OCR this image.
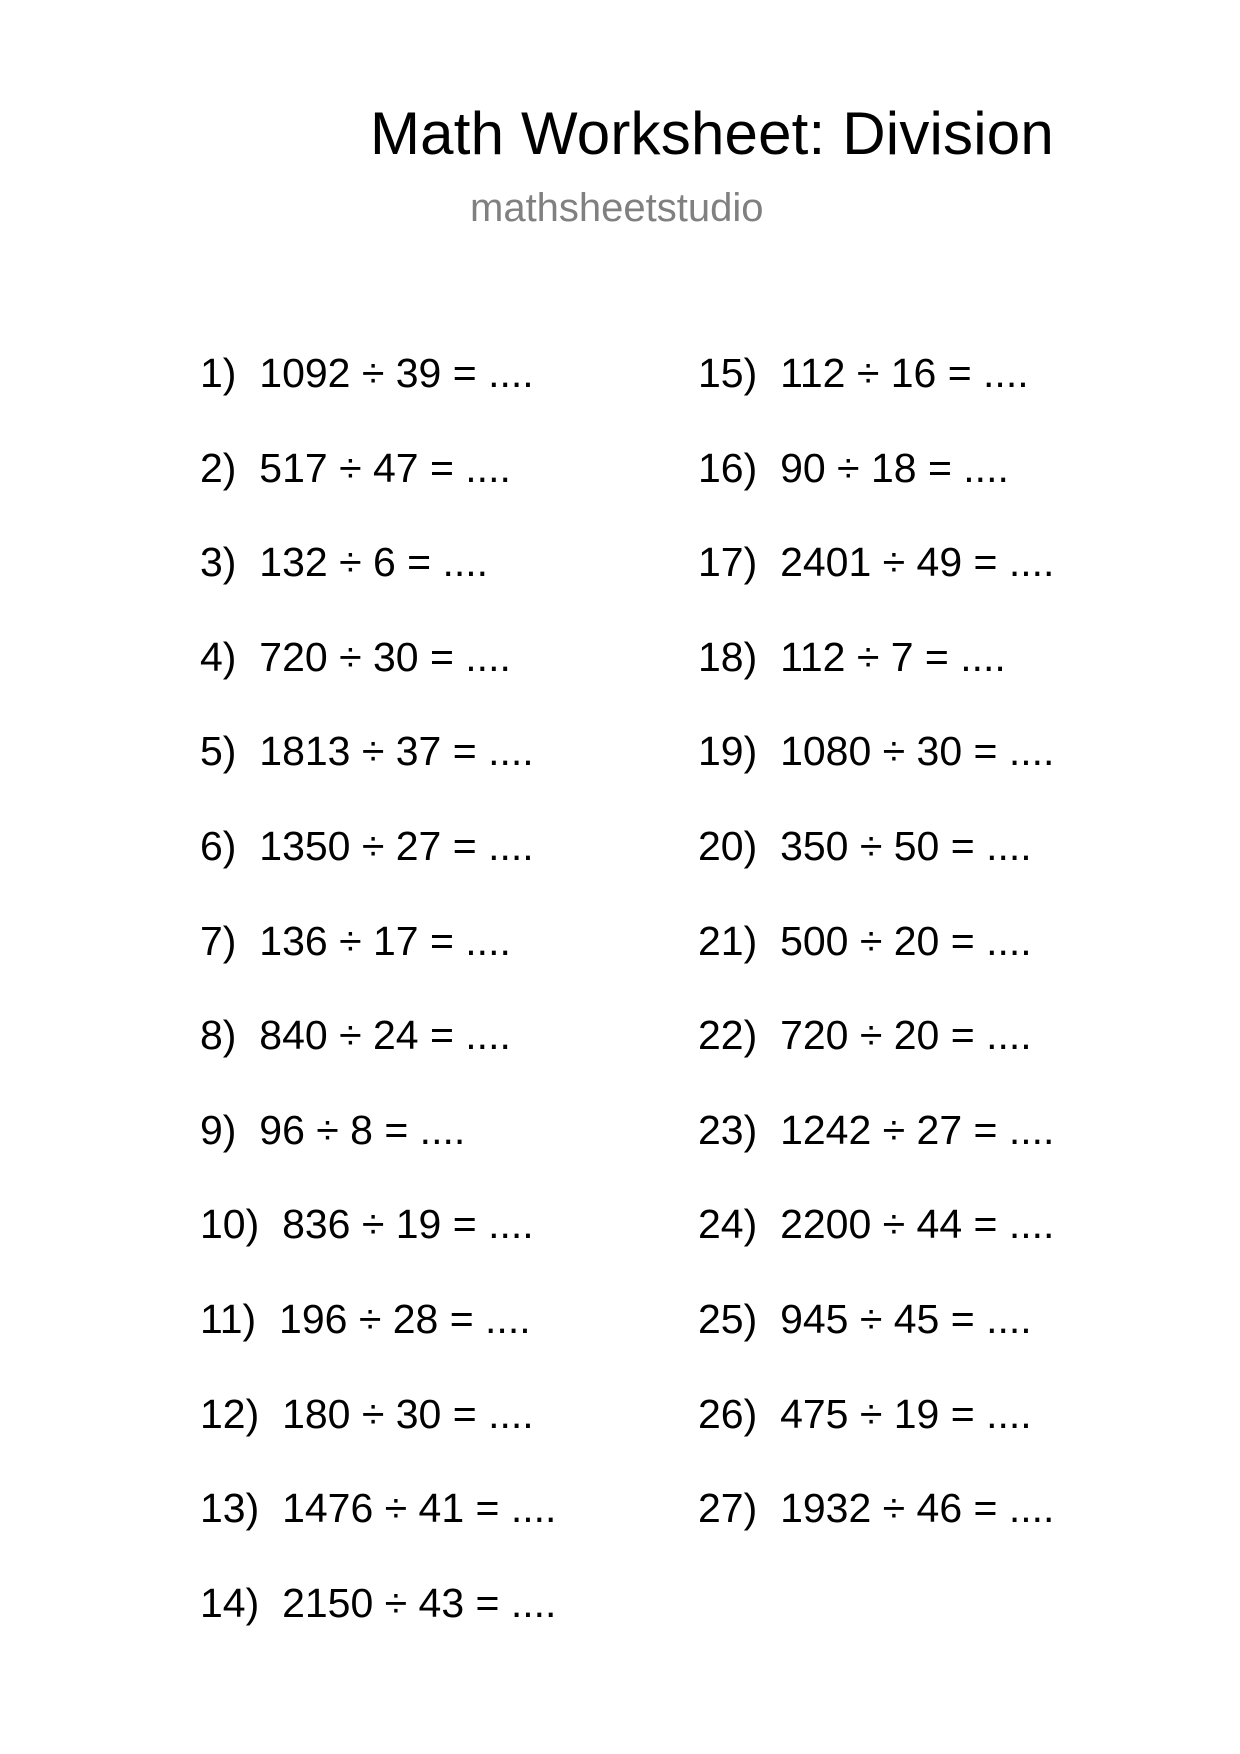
Math Worksheet: Division
mathsheetstudio
1) 1092 ÷ 39 = ....
2) 517 ÷ 47 = ....
3) 132 ÷ 6 = ....
4) 720 ÷ 30 = ....
5) 1813 ÷ 37 = ....
6) 1350 ÷ 27 = ....
7) 136 ÷ 17 = ....
8) 840 ÷ 24 = ....
9) 96 ÷ 8 = ....
10) 836 ÷ 19 = ....
11) 196 ÷ 28 = ....
12) 180 ÷ 30 = ....
13) 1476 ÷ 41 = ....
14) 2150 ÷ 43 = ....
15) 112 ÷ 16 = ....
16) 90 ÷ 18 = ....
17) 2401 ÷ 49 = ....
18) 112 ÷ 7 = ....
19) 1080 ÷ 30 = ....
20) 350 ÷ 50 = ....
21) 500 ÷ 20 = ....
22) 720 ÷ 20 = ....
23) 1242 ÷ 27 = ....
24) 2200 ÷ 44 = ....
25) 945 ÷ 45 = ....
26) 475 ÷ 19 = ....
27) 1932 ÷ 46 = ....
